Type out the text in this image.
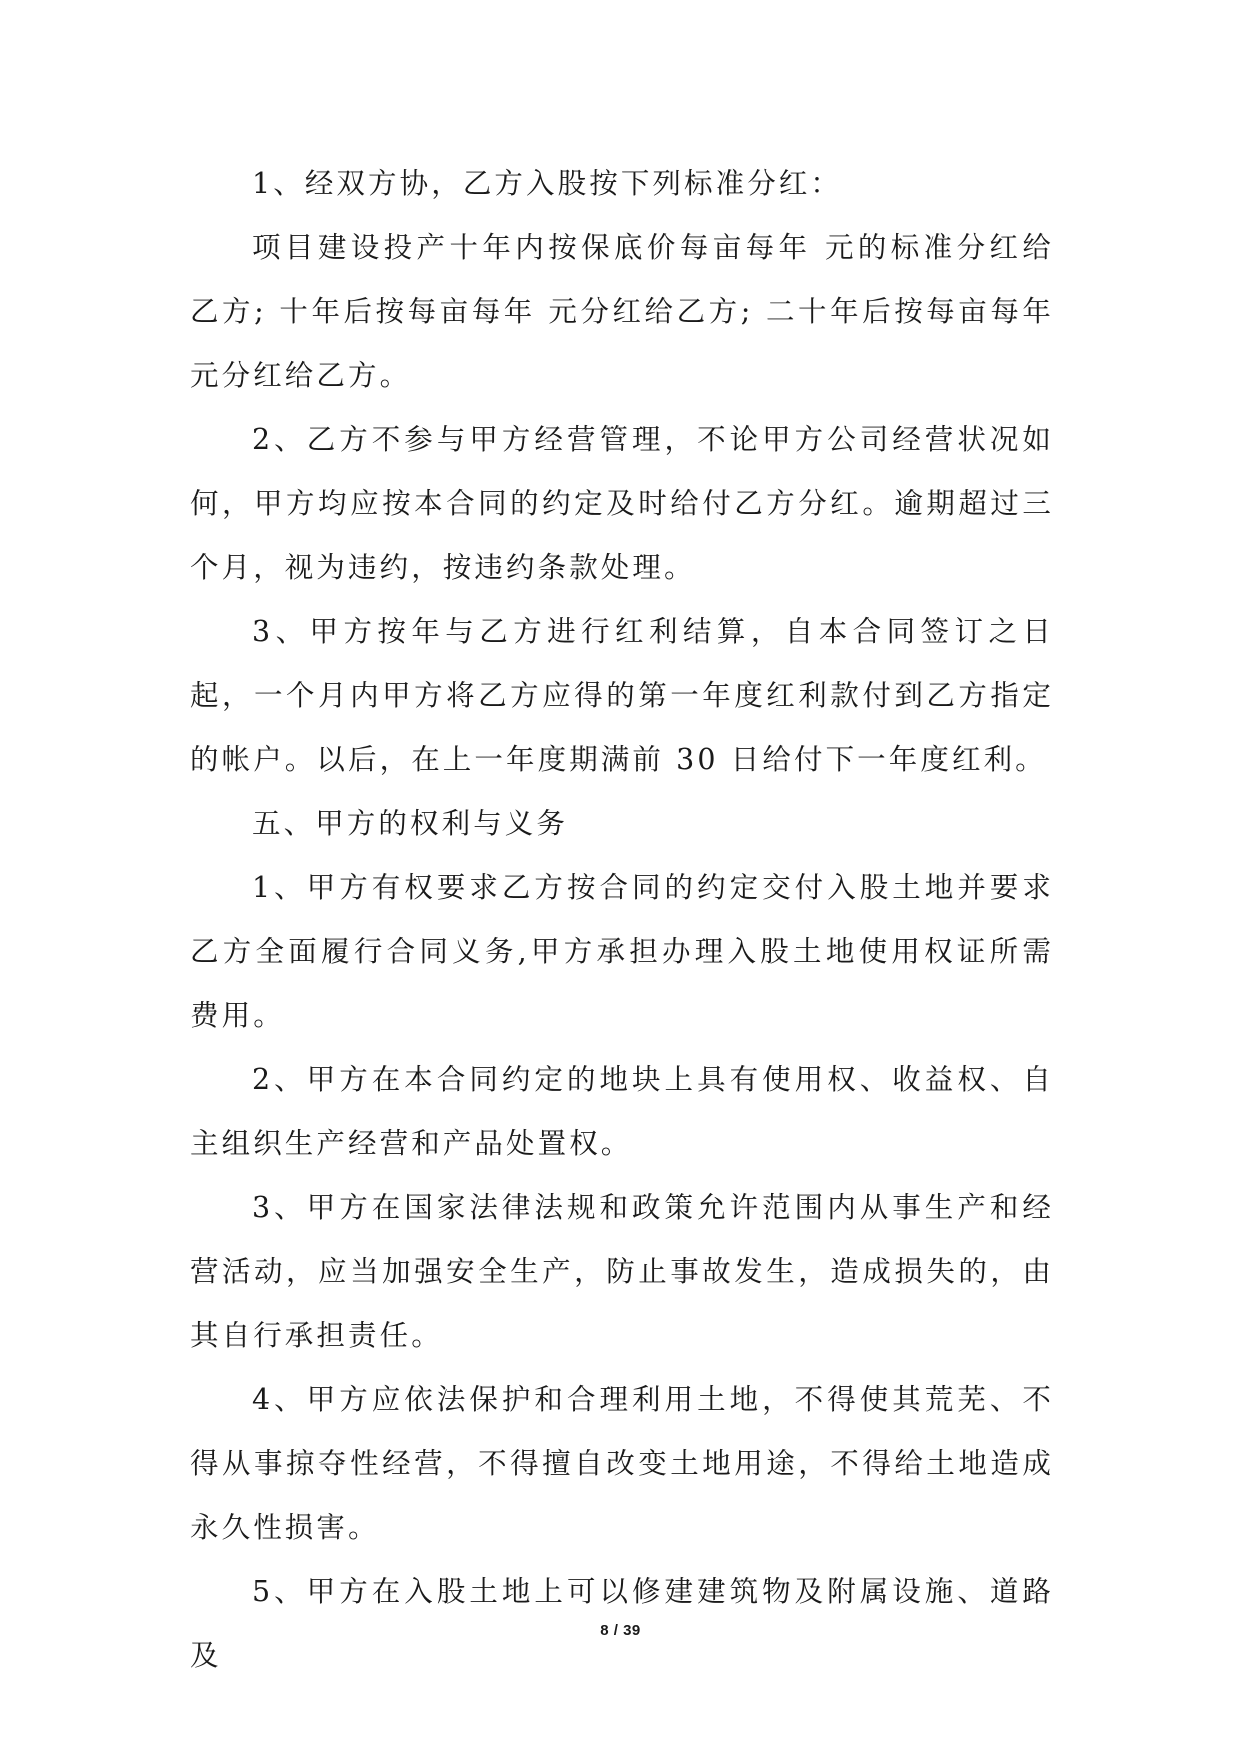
1、经双方协，乙方入股按下列标准分红：

项目建设投产十年内按保底价每亩每年 元的标准分红给乙方; 十年后按每亩每年 元分红给乙方; 二十年后按每亩每年 元分红给乙方。

2、乙方不参与甲方经营管理，不论甲方公司经营状况如何，甲方均应按本合同的约定及时给付乙方分红。逾期超过三个月，视为违约，按违约条款处理。

3、甲方按年与乙方进行红利结算，自本合同签订之日起，一个月内甲方将乙方应得的第一年度红利款付到乙方指定的帐户。以后，在上一年度期满前 30 日给付下一年度红利。

五、甲方的权利与义务

1、甲方有权要求乙方按合同的约定交付入股土地并要求乙方全面履行合同义务,甲方承担办理入股土地使用权证所需费用。

2、甲方在本合同约定的地块上具有使用权、收益权、自主组织生产经营和产品处置权。

3、甲方在国家法律法规和政策允许范围内从事生产和经营活动，应当加强安全生产，防止事故发生，造成损失的，由其自行承担责任。

4、甲方应依法保护和合理利用土地，不得使其荒芜、不得从事掠夺性经营，不得擅自改变土地用途，不得给土地造成永久性损害。

5、甲方在入股土地上可以修建建筑物及附属设施、道路及

8 / 39
